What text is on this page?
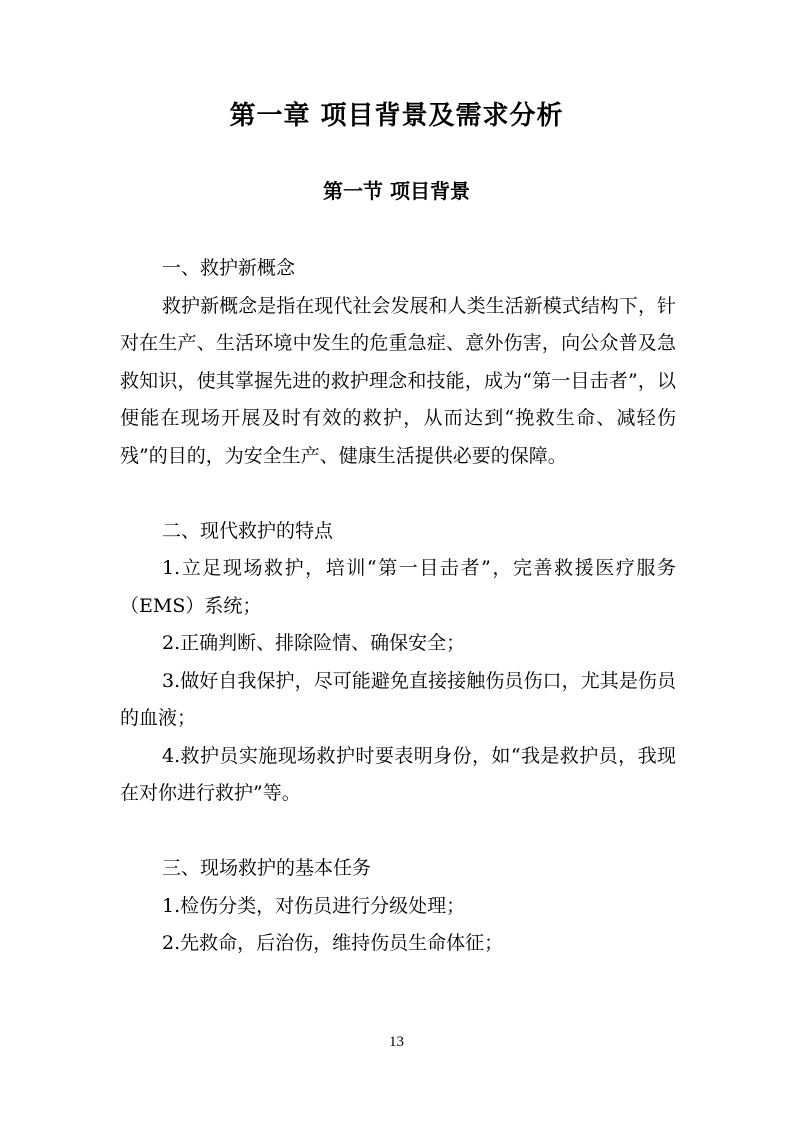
第一章 项目背景及需求分析
第一节 项目背景

一、救护新概念

救护新概念是指在现代社会发展和人类生活新模式结构下，针对在生产、生活环境中发生的危重急症、意外伤害，向公众普及急救知识，使其掌握先进的救护理念和技能，成为“第一目击者”，以便能在现场开展及时有效的救护，从而达到“挽救生命、减轻伤残”的目的，为安全生产、健康生活提供必要的保障。

二、现代救护的特点

1.立足现场救护，培训“第一目击者”，完善救援医疗服务（EMS）系统；

2.正确判断、排除险情、确保安全；

3.做好自我保护，尽可能避免直接接触伤员伤口，尤其是伤员的血液；

4.救护员实施现场救护时要表明身份，如“我是救护员，我现在对你进行救护”等。

三、现场救护的基本任务

1.检伤分类，对伤员进行分级处理；

2.先救命，后治伤，维持伤员生命体征；

13
